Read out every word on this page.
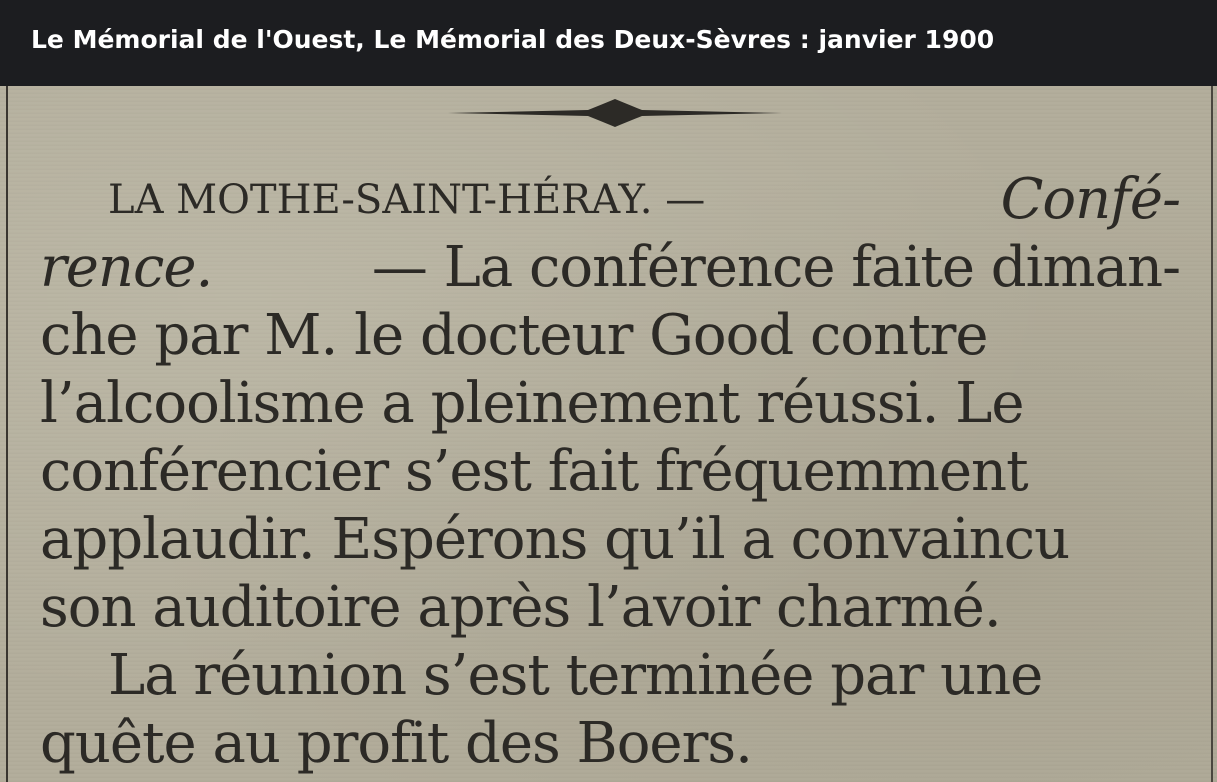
Le Mémorial de l'Ouest, Le Mémorial des Deux-Sèvres : janvier 1900
LA MOTHE-SAINT-HÉRAY. —	Confé-
rence.	— La conférence faite diman-
che par M. le docteur Good contre
l’alcoolisme a pleinement réussi. Le
conférencier s’est fait fréquemment
applaudir. Espérons qu’il a convaincu
son auditoire après l’avoir charmé.
La réunion s’est terminée par une
quête au profit des Boers.
